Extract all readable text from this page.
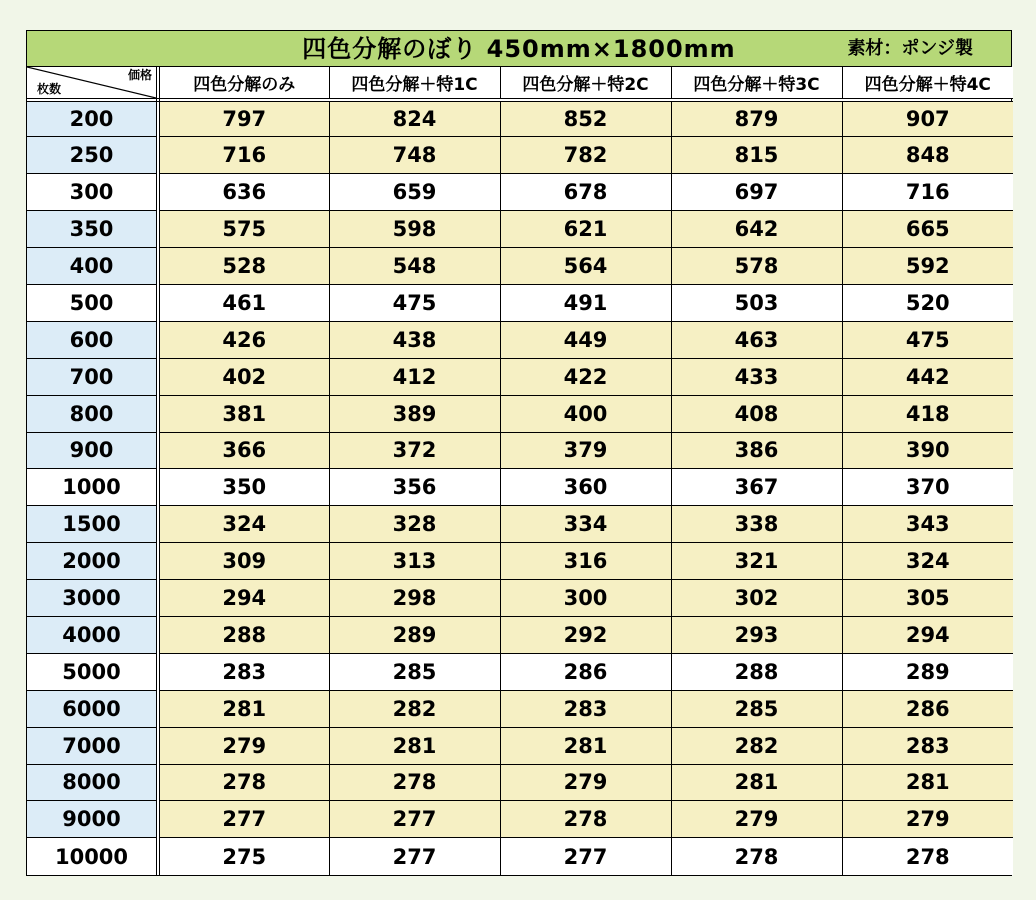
四色分解のぼり 450mm×1800mm	素材：ポンジ製
価格
枚数	四色分解のみ	四色分解＋特1C	四色分解＋特2C	四色分解＋特3C	四色分解＋特4C
200	797	824	852	879	907
250	716	748	782	815	848
300	636	659	678	697	716
350	575	598	621	642	665
400	528	548	564	578	592
500	461	475	491	503	520
600	426	438	449	463	475
700	402	412	422	433	442
800	381	389	400	408	418
900	366	372	379	386	390
1000	350	356	360	367	370
1500	324	328	334	338	343
2000	309	313	316	321	324
3000	294	298	300	302	305
4000	288	289	292	293	294
5000	283	285	286	288	289
6000	281	282	283	285	286
7000	279	281	281	282	283
8000	278	278	279	281	281
9000	277	277	278	279	279
10000	275	277	277	278	278
